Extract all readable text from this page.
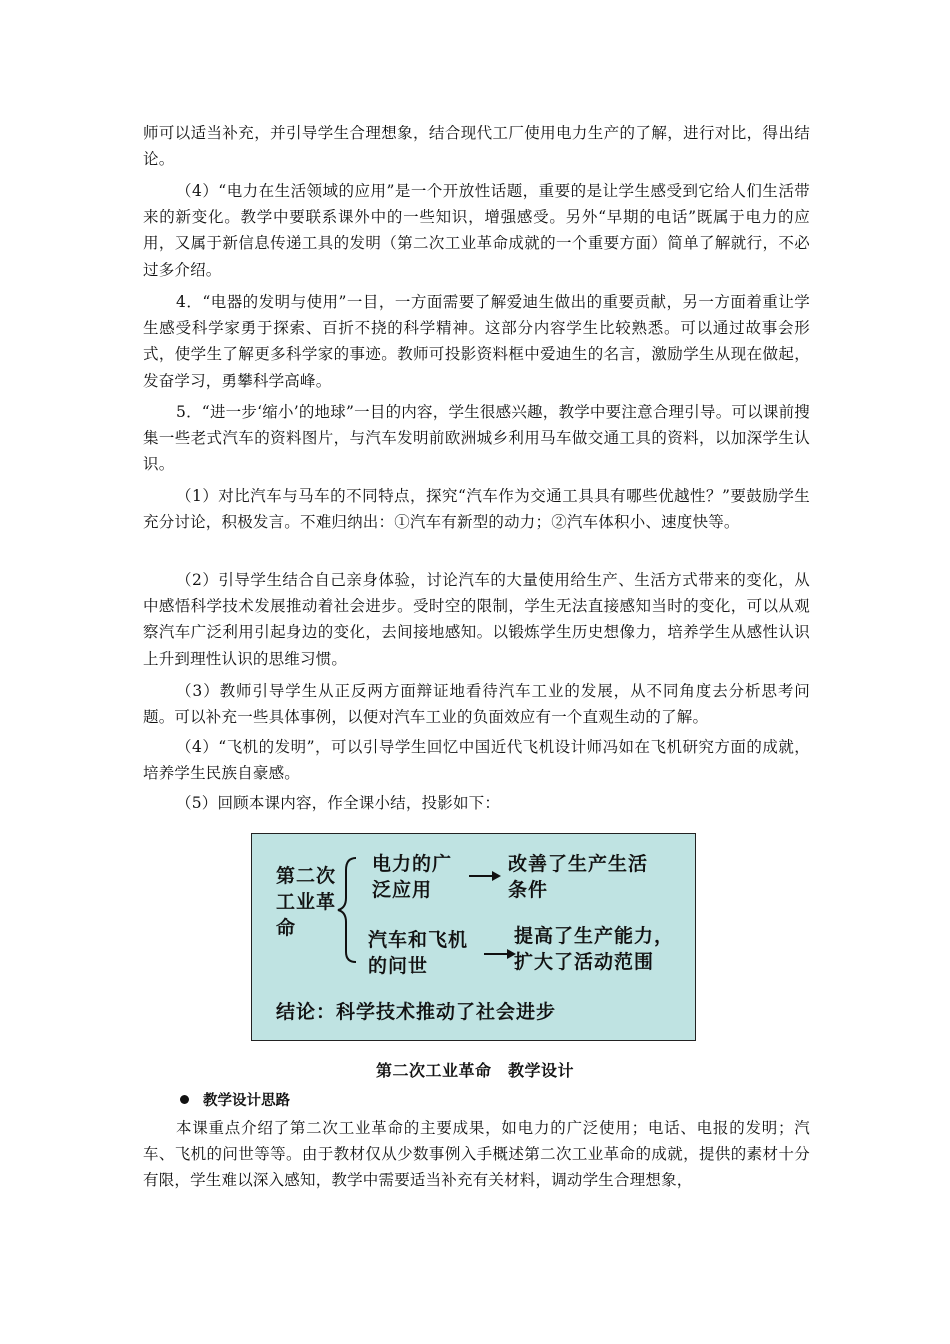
师可以适当补充，并引导学生合理想象，结合现代工厂使用电力生产的了解，进行对比，得出结论。

（4）“电力在生活领域的应用”是一个开放性话题，重要的是让学生感受到它给人们生活带来的新变化。教学中要联系课外中的一些知识，增强感受。另外“早期的电话”既属于电力的应用，又属于新信息传递工具的发明（第二次工业革命成就的一个重要方面）简单了解就行，不必过多介绍。

4．“电器的发明与使用”一目，一方面需要了解爱迪生做出的重要贡献，另一方面着重让学生感受科学家勇于探索、百折不挠的科学精神。这部分内容学生比较熟悉。可以通过故事会形式，使学生了解更多科学家的事迹。教师可投影资料框中爱迪生的名言，激励学生从现在做起，发奋学习，勇攀科学高峰。

5．“进一步‘缩小’的地球”一目的内容，学生很感兴趣，教学中要注意合理引导。可以课前搜集一些老式汽车的资料图片，与汽车发明前欧洲城乡利用马车做交通工具的资料，以加深学生认识。

（1）对比汽车与马车的不同特点，探究“汽车作为交通工具具有哪些优越性？”要鼓励学生充分讨论，积极发言。不难归纳出：①汽车有新型的动力；②汽车体积小、速度快等。

（2）引导学生结合自己亲身体验，讨论汽车的大量使用给生产、生活方式带来的变化，从中感悟科学技术发展推动着社会进步。受时空的限制，学生无法直接感知当时的变化，可以从观察汽车广泛利用引起身边的变化，去间接地感知。以锻炼学生历史想像力，培养学生从感性认识上升到理性认识的思维习惯。

（3）教师引导学生从正反两方面辩证地看待汽车工业的发展，从不同角度去分析思考问题。可以补充一些具体事例，以便对汽车工业的负面效应有一个直观生动的了解。

（4）“飞机的发明”，可以引导学生回忆中国近代飞机设计师冯如在飞机研究方面的成就，培养学生民族自豪感。

（5）回顾本课内容，作全课小结，投影如下：

第二次
工业革
命
电力的广
泛应用
改善了生产生活
条件
汽车和飞机
的问世
提高了生产能力，
扩大了活动范围
结论：科学技术推动了社会进步
第二次工业革命　教学设计
教学设计思路

本课重点介绍了第二次工业革命的主要成果，如电力的广泛使用；电话、电报的发明；汽车、飞机的问世等等。由于教材仅从少数事例入手概述第二次工业革命的成就，提供的素材十分有限，学生难以深入感知，教学中需要适当补充有关材料，调动学生合理想象，
